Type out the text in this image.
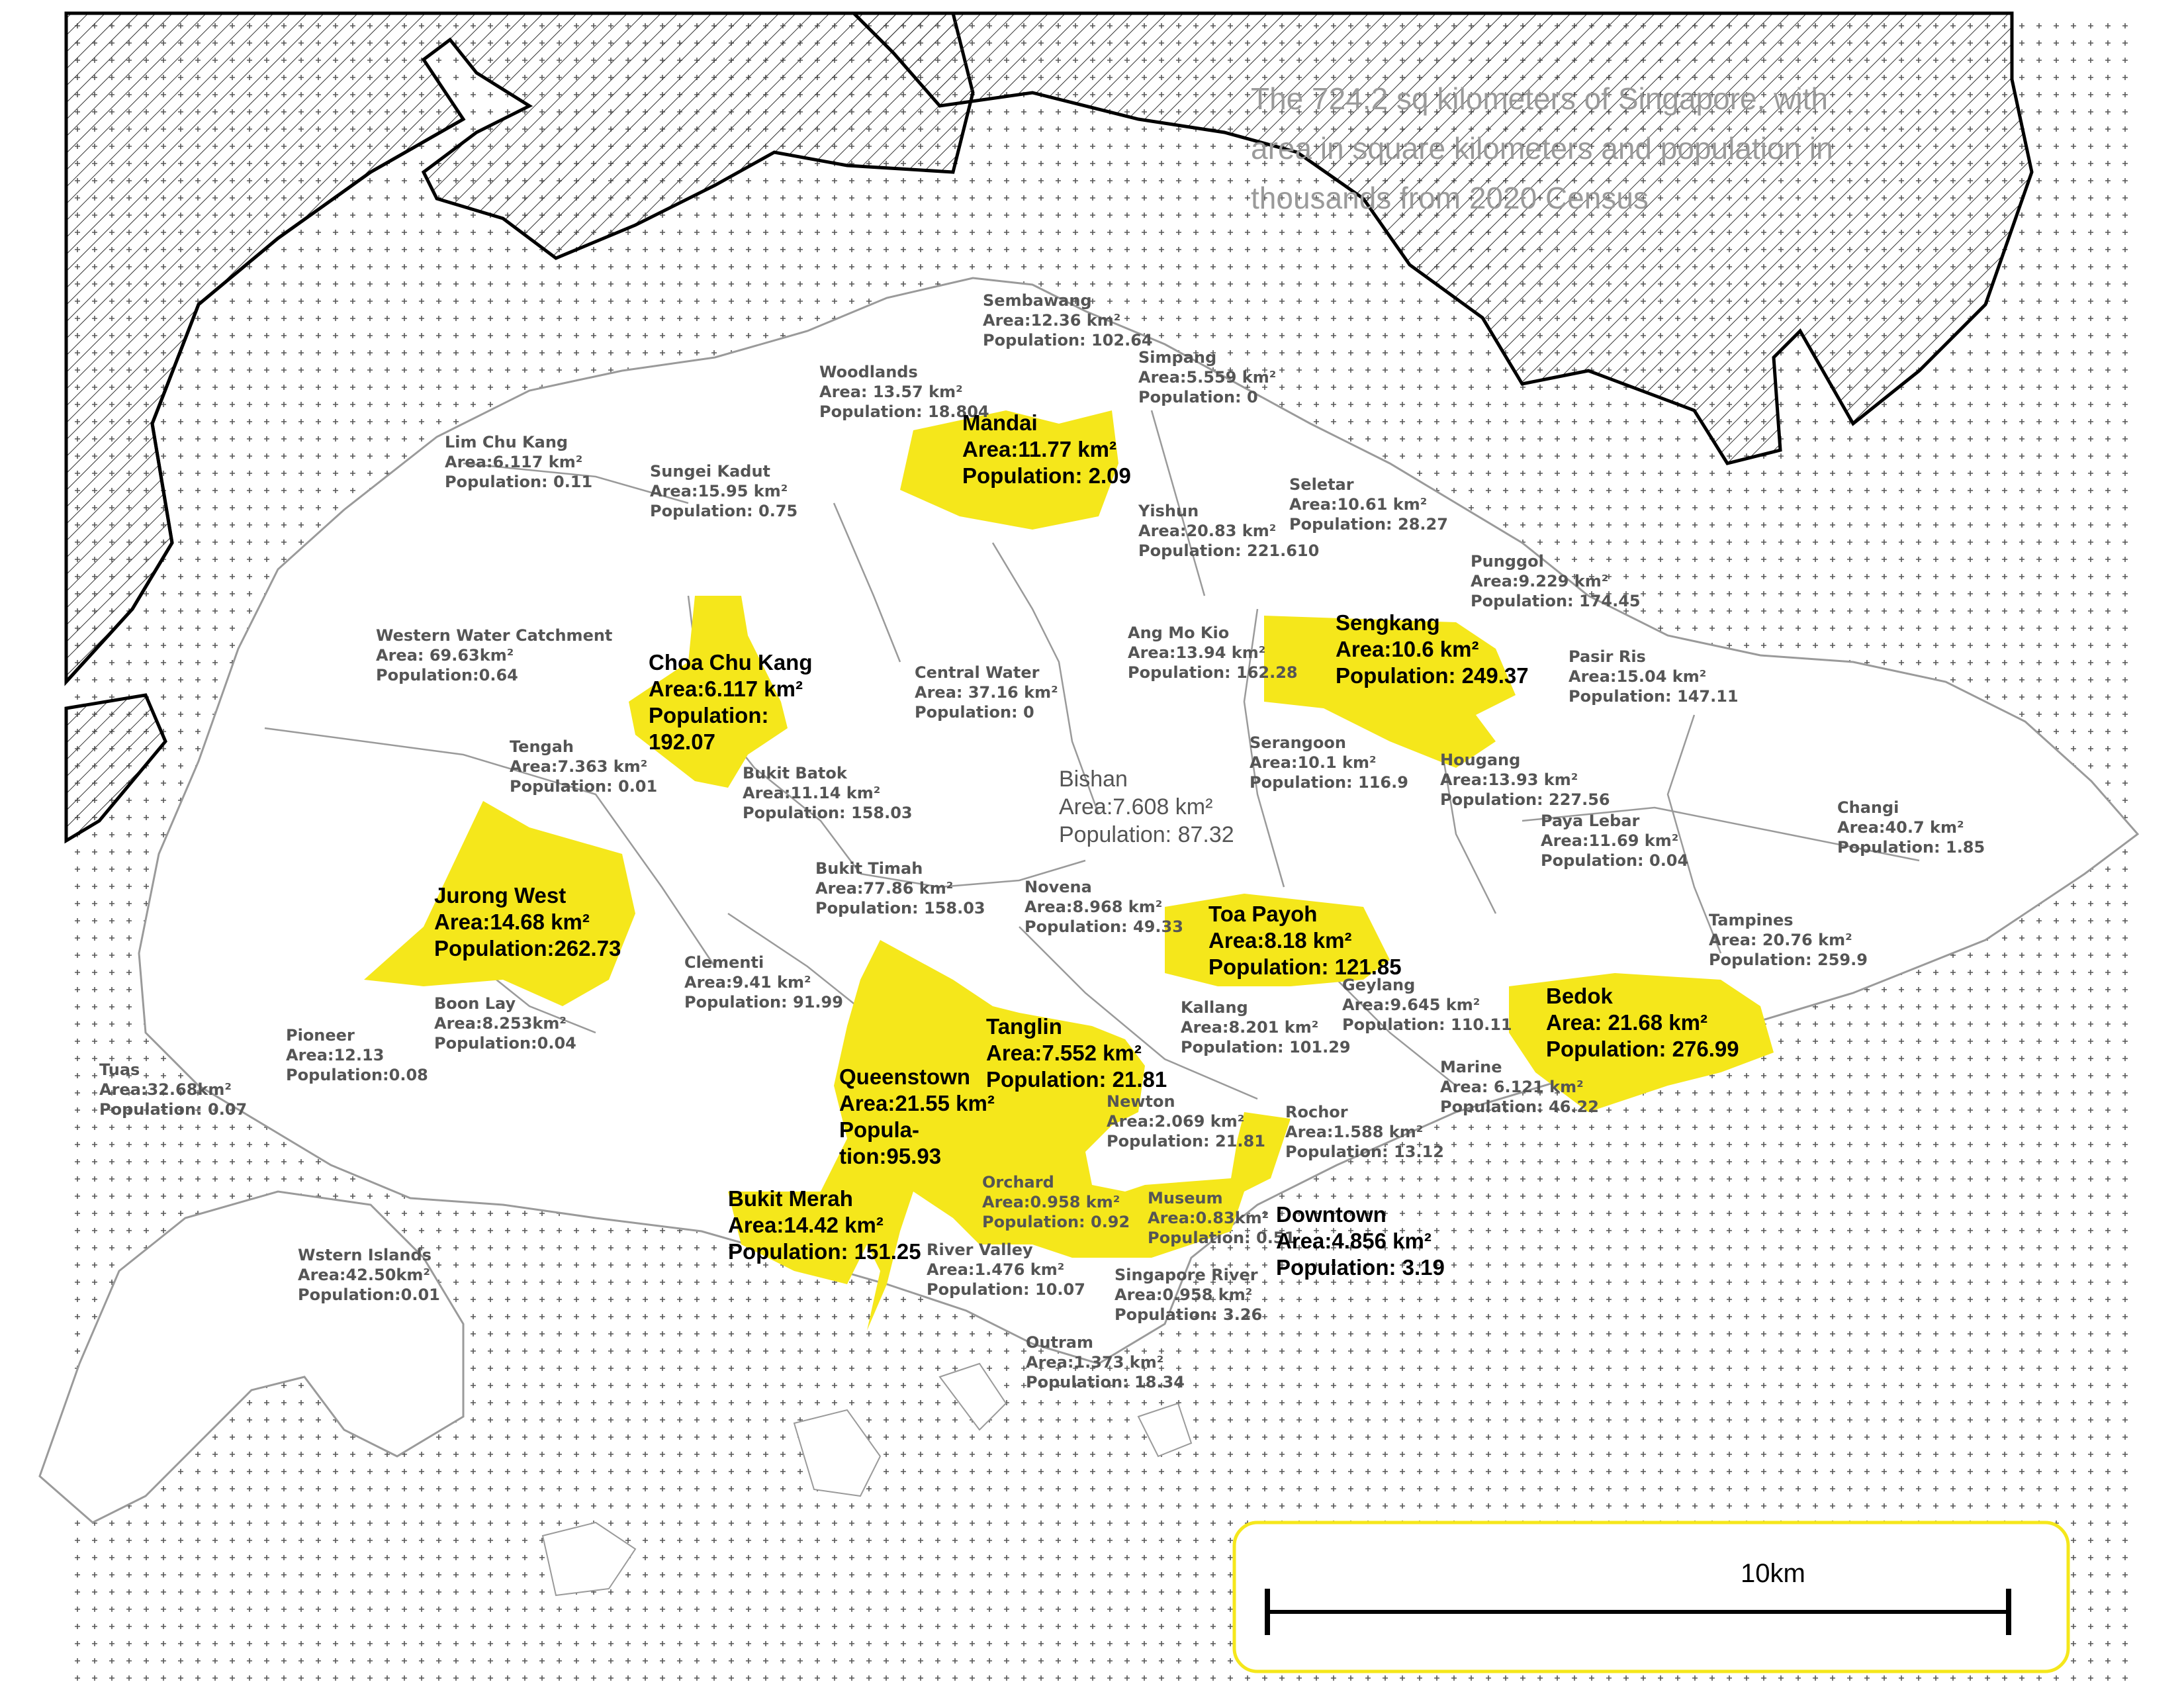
The 724.2 sq kilometers of Singapore, with
area in square kilometers and population in
thousands from 2020 Census
10km
Sembawang
Area:12.36 km²
Population: 102.64
Woodlands
Area: 13.57 km²
Population: 18.804
Simpang
Area:5.559 km²
Population: 0
Lim Chu Kang
Area:6.117 km²
Population: 0.11
Sungei Kadut
Area:15.95 km²
Population: 0.75
Seletar
Area:10.61 km²
Population: 28.27
Yishun
Area:20.83 km²
Population: 221.610
Punggol
Area:9.229 km²
Population: 174.45
Western Water Catchment
Area: 69.63km²
Population:0.64	Central Water
Area: 37.16 km²
Population: 0
Ang Mo Kio
Area:13.94 km²
Population: 162.28
Pasir Ris
Area:15.04 km²
Population: 147.11
Tengah
Area:7.363 km²
Population: 0.01
Bukit Batok
Area:11.14 km²
Population: 158.03
Serangoon
Area:10.1 km²
Population: 116.9
Hougang
Area:13.93 km²
Population: 227.56
Paya Lebar
Area:11.69 km²
Population: 0.04
Changi
Area:40.7 km²
Population: 1.85
Bukit Timah
Area:77.86 km²
Population: 158.03
Novena
Area:8.968 km²
Population: 49.33	Tampines
Area: 20.76 km²
Population: 259.9
Clementi
Area:9.41 km²
Population: 91.99
Boon Lay
Area:8.253km²
Population:0.04
Pioneer
Area:12.13
Population:0.08
Tuas
Area:32.68km²
Population: 0.07
Kallang
Area:8.201 km²
Population: 101.29
Geylang
Area:9.645 km²
Population: 110.11
Newton
Area:2.069 km²
Population: 21.81
Rochor
Area:1.588 km²
Population: 13.12
Marine
Area: 6.121 km²
Population: 46.22
Orchard
Area:0.958 km²
Population: 0.92
Museum
Area:0.83km²
Population: 0.51
River Valley
Area:1.476 km²
Population: 10.07
Singapore River
Area:0.958 km²
Population: 3.26
Wstern Islands
Area:42.50km²
Population:0.01
Outram
Area:1.373 km²
Population: 18.34
Bishan
Area:7.608 km²
Population: 87.32
Mandai
Area:11.77 km²
Population: 2.09
Choa Chu Kang
Area:6.117 km²
Population:
192.07
Sengkang
Area:10.6 km²
Population: 249.37
Jurong West
Area:14.68 km²
Population:262.73
Toa Payoh
Area:8.18 km²
Population: 121.85
Bedok
Area: 21.68 km²
Population: 276.99
Tanglin
Area:7.552 km²
Population: 21.81
Queenstown
Area:21.55 km²
Popula-
tion:95.93
Downtown
Area:4.856 km²
Population: 3.19
Bukit Merah
Area:14.42 km²
Population: 151.25
